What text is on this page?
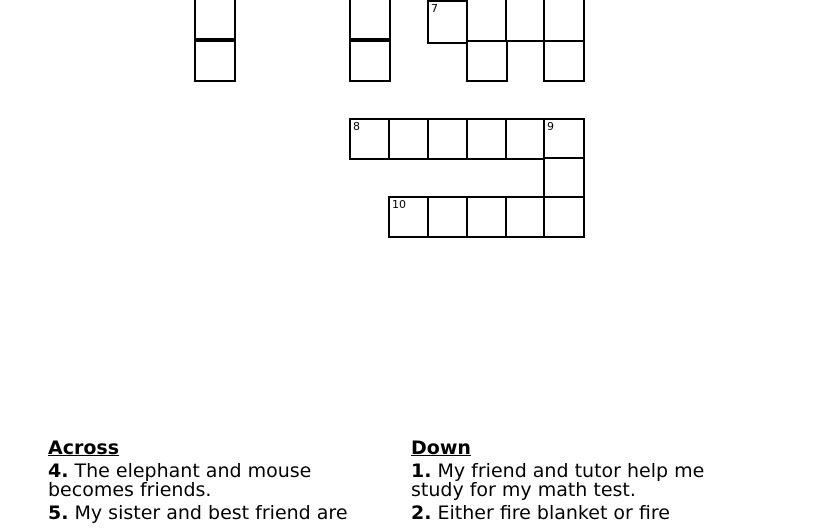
7
8	9
10
Across
4. The elephant and mouse becomes friends.
5. My sister and best friend are
Down
1. My friend and tutor help me study for my math test.
2. Either fire blanket or fire
